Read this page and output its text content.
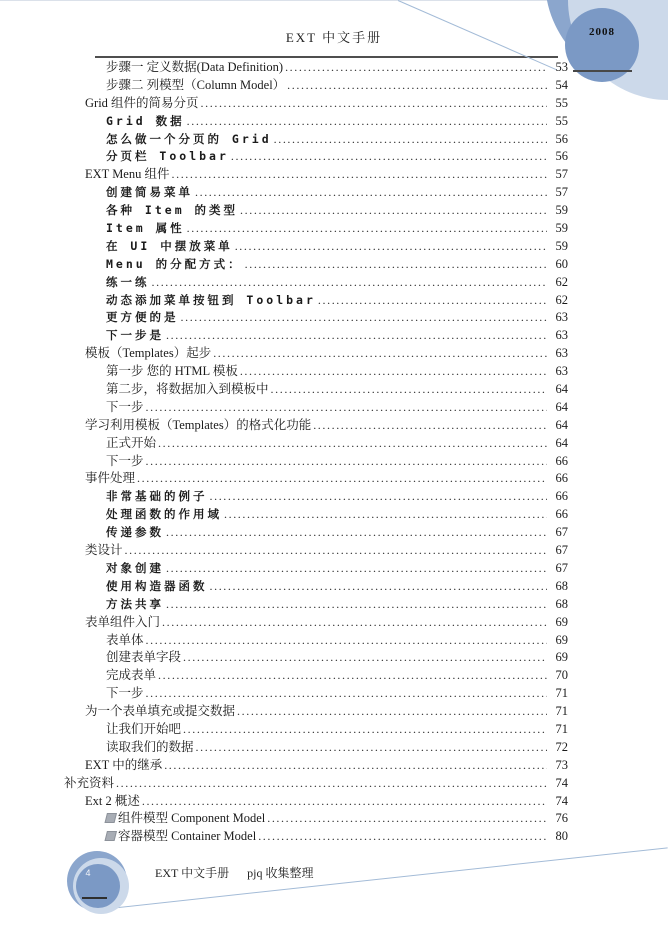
EXT 中文手册	2008
步骤一 定义数据(Data Definition) .....	53
步骤二 列模型（Column Model） .....	54
Grid 组件的简易分页 .....	55
Grid 数据 .....	55
怎么做一个分页的 Grid .....	56
分页栏 Toolbar .....	56
EXT Menu 组件 .....	57
创建简易菜单 .....	57
各种 Item 的类型 .....	59
Item 属性 .....	59
在 UI 中摆放菜单 .....	59
Menu 的分配方式： .....	60
练一练 .....	62
动态添加菜单按钮到 Toolbar .....	62
更方便的是 .....	63
下一步是 .....	63
模板（Templates）起步 .....	63
第一步 您的 HTML 模板 .....	63
第二步，将数据加入到模板中 .....	64
下一步 .....	64
学习利用模板（Templates）的格式化功能 .....	64
正式开始 .....	64
下一步 .....	66
事件处理 .....	66
非常基础的例子 .....	66
处理函数的作用域 .....	66
传递参数 .....	67
类设计 .....	67
对象创建 .....	67
使用构造器函数 .....	68
方法共享 .....	68
表单组件入门 .....	69
表单体 .....	69
创建表单字段 .....	69
完成表单 .....	70
下一步 .....	71
为一个表单填充或提交数据 .....	71
让我们开始吧 .....	71
读取我们的数据 .....	72
EXT 中的继承 .....	73
补充资料 .....	74
Ext 2 概述 .....	74
组件模型 Component Model .....	76
容器模型 Container Model .....	80
EXT 中文手册 pjq 收集整理
4
